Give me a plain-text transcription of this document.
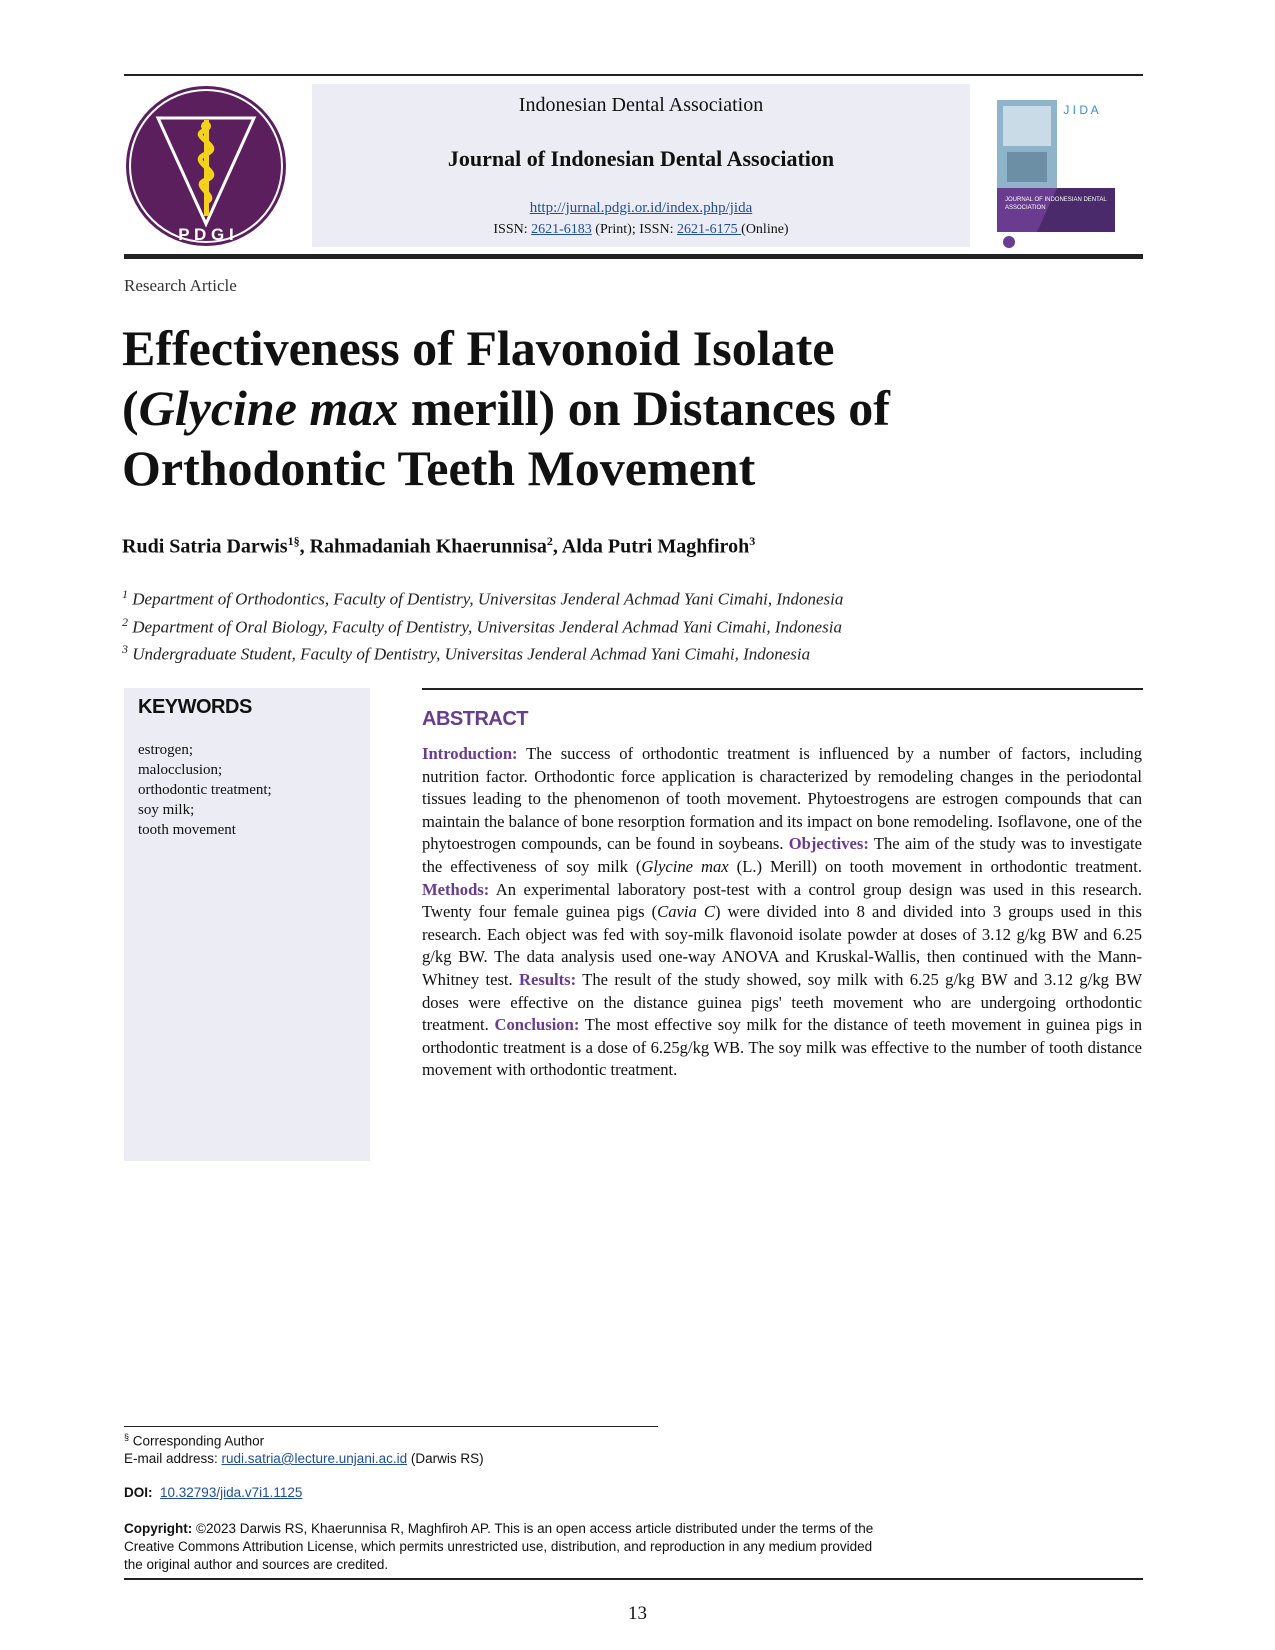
P D G I
Indonesian Dental Association
Journal of Indonesian Dental Association
http://jurnal.pdgi.or.id/index.php/jida
ISSN: 2621-6183 (Print); ISSN: 2621-6175 (Online)
J I D A
JOURNAL OF INDONESIAN DENTAL ASSOCIATION
Research Article
Effectiveness of Flavonoid Isolate
(Glycine max merill) on Distances of
Orthodontic Teeth Movement
Rudi Satria Darwis$^{1\S}$, Rahmadaniah Khaerunnisa$^2$, Alda Putri Maghfiroh$^3$
$^1$ Department of Orthodontics, Faculty of Dentistry, Universitas Jenderal Achmad Yani Cimahi, Indonesia
$^2$ Department of Oral Biology, Faculty of Dentistry, Universitas Jenderal Achmad Yani Cimahi, Indonesia
$^3$ Undergraduate Student, Faculty of Dentistry, Universitas Jenderal Achmad Yani Cimahi, Indonesia
KEYWORDS
estrogen;
malocclusion;
orthodontic treatment;
soy milk;
tooth movement
ABSTRACT
Introduction: The success of orthodontic treatment is influenced by a number of factors, including nutrition factor. Orthodontic force application is characterized by remodeling changes in the periodontal tissues leading to the phenomenon of tooth movement. Phytoestrogens are estrogen compounds that can maintain the balance of bone resorption formation and its impact on bone remodeling. Isoflavone, one of the phytoestrogen compounds, can be found in soybeans. Objectives: The aim of the study was to investigate the effectiveness of soy milk (Glycine max (L.) Merill) on tooth movement in orthodontic treatment. Methods: An experimental laboratory post-test with a control group design was used in this research. Twenty four female guinea pigs (Cavia C) were divided into 8 and divided into 3 groups used in this research. Each object was fed with soy-milk flavonoid isolate powder at doses of 3.12 g/kg BW and 6.25 g/kg BW. The data analysis used one-way ANOVA and Kruskal-Wallis, then continued with the Mann-Whitney test. Results: The result of the study showed, soy milk with 6.25 g/kg BW and 3.12 g/kg BW doses were effective on the distance guinea pigs' teeth movement who are undergoing orthodontic treatment. Conclusion: The most effective soy milk for the distance of teeth movement in guinea pigs in orthodontic treatment is a dose of 6.25g/kg WB. The soy milk was effective to the number of tooth distance movement with orthodontic treatment.
§ Corresponding Author
E-mail address: rudi.satria@lecture.unjani.ac.id (Darwis RS)
DOI: 10.32793/jida.v7i1.1125
Copyright: ©2023 Darwis RS, Khaerunnisa R, Maghfiroh AP. This is an open access article distributed under the terms of the Creative Commons Attribution License, which permits unrestricted use, distribution, and reproduction in any medium provided the original author and sources are credited.
13
